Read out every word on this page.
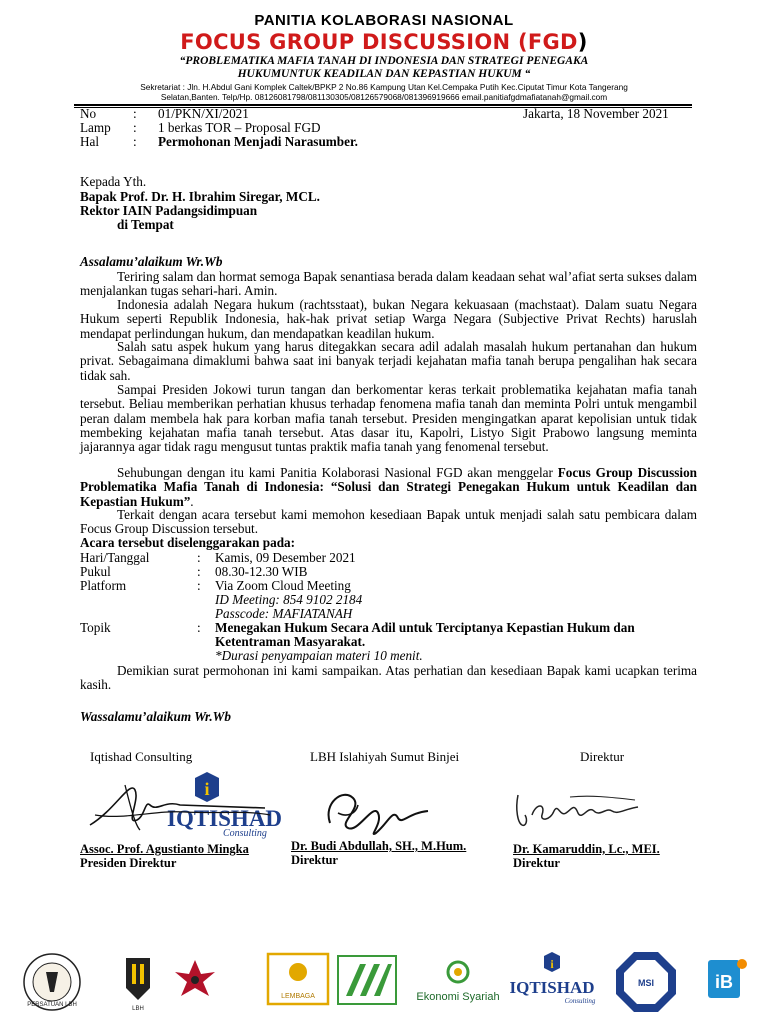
PANITIA KOLABORASI NASIONAL
FOCUS GROUP DISCUSSION (FGD)
“PROBLEMATIKA MAFIA TANAH DI INDONESIA DAN STRATEGI PENEGAKA
HUKUMUNTUK KEADILAN DAN KEPASTIAN HUKUM “
Sekretariat : Jln. H.Abdul Gani Komplek Caltek/BPKP 2 No.86 Kampung Utan Kel.Cempaka Putih Kec.Ciputat Timur Kota Tangerang
Selatan,Banten. Telp/Hp. 08126081798/081130305/08126579068/081396919666 email.panitiafgdmafiatanah@gmail.com
No	: 01/PKN/XI/2021	Jakarta, 18 November 2021
Lamp : 1 berkas TOR – Proposal FGD
Hal	: Permohonan Menjadi Narasumber.
Kepada Yth.
Bapak Prof. Dr. H. Ibrahim Siregar, MCL.
Rektor IAIN Padangsidimpuan
di Tempat
Assalamu’alaikum Wr.Wb
Teriring salam dan hormat semoga Bapak senantiasa berada dalam keadaan sehat wal’afiat serta sukses dalam menjalankan tugas sehari-hari. Amin.
Indonesia adalah Negara hukum (rachtsstaat), bukan Negara kekuasaan (machstaat). Dalam suatu Negara Hukum seperti Republik Indonesia, hak-hak privat setiap Warga Negara (Subjective Privat Rechts) haruslah mendapat perlindungan hukum, dan mendapatkan keadilan hukum.
Salah satu aspek hukum yang harus ditegakkan secara adil adalah masalah hukum pertanahan dan hukum privat. Sebagaimana dimaklumi bahwa saat ini banyak terjadi kejahatan mafia tanah berupa pengalihan hak secara tidak sah.
Sampai Presiden Jokowi turun tangan dan berkomentar keras terkait problematika kejahatan mafia tanah tersebut. Beliau memberikan perhatian khusus terhadap fenomena mafia tanah dan meminta Polri untuk mengambil peran dalam membela hak para korban mafia tanah tersebut. Presiden mengingatkan aparat kepolisian untuk tidak membeking kejahatan mafia tanah tersebut. Atas dasar itu, Kapolri, Listyo Sigit Prabowo langsung meminta jajarannya agar tidak ragu mengusut tuntas praktik mafia tanah yang fenomenal tersebut.
Sehubungan dengan itu kami Panitia Kolaborasi Nasional FGD akan menggelar Focus Group Discussion Problematika Mafia Tanah di Indonesia: “Solusi dan Strategi Penegakan Hukum untuk Keadilan dan Kepastian Hukum”.
Terkait dengan acara tersebut kami memohon kesediaan Bapak untuk menjadi salah satu pembicara dalam Focus Group Discussion tersebut.
Acara tersebut diselenggarakan pada:
Hari/Tanggal	: Kamis, 09 Desember 2021
Pukul	: 08.30-12.30 WIB
Platform	: Via Zoom Cloud Meeting
ID Meeting: 854 9102 2184
Passcode: MAFIATANAH
Topik	: Menegakan Hukum Secara Adil untuk Terciptanya Kepastian Hukum dan
Ketentraman Masyarakat.
*Durasi penyampaian materi 10 menit.
Demikian surat permohonan ini kami sampaikan. Atas perhatian dan kesediaan Bapak kami ucapkan terima kasih.
Wassalamu’alaikum Wr.Wb
Iqtishad Consulting	LBH Islahiyah Sumut Binjei	Direktur
i
IQTISHAD
Consulting
Assoc. Prof. Agustianto Mingka
Presiden Direktur
Dr. Budi Abdullah, SH., M.Hum.
Direktur
Dr. Kamaruddin, Lc., MEI.
Direktur
PERSATUAN LBH
LBH
LEMBAGA	Ekonomi Syariah
i
IQTISHAD
Consulting
MSI	iB
